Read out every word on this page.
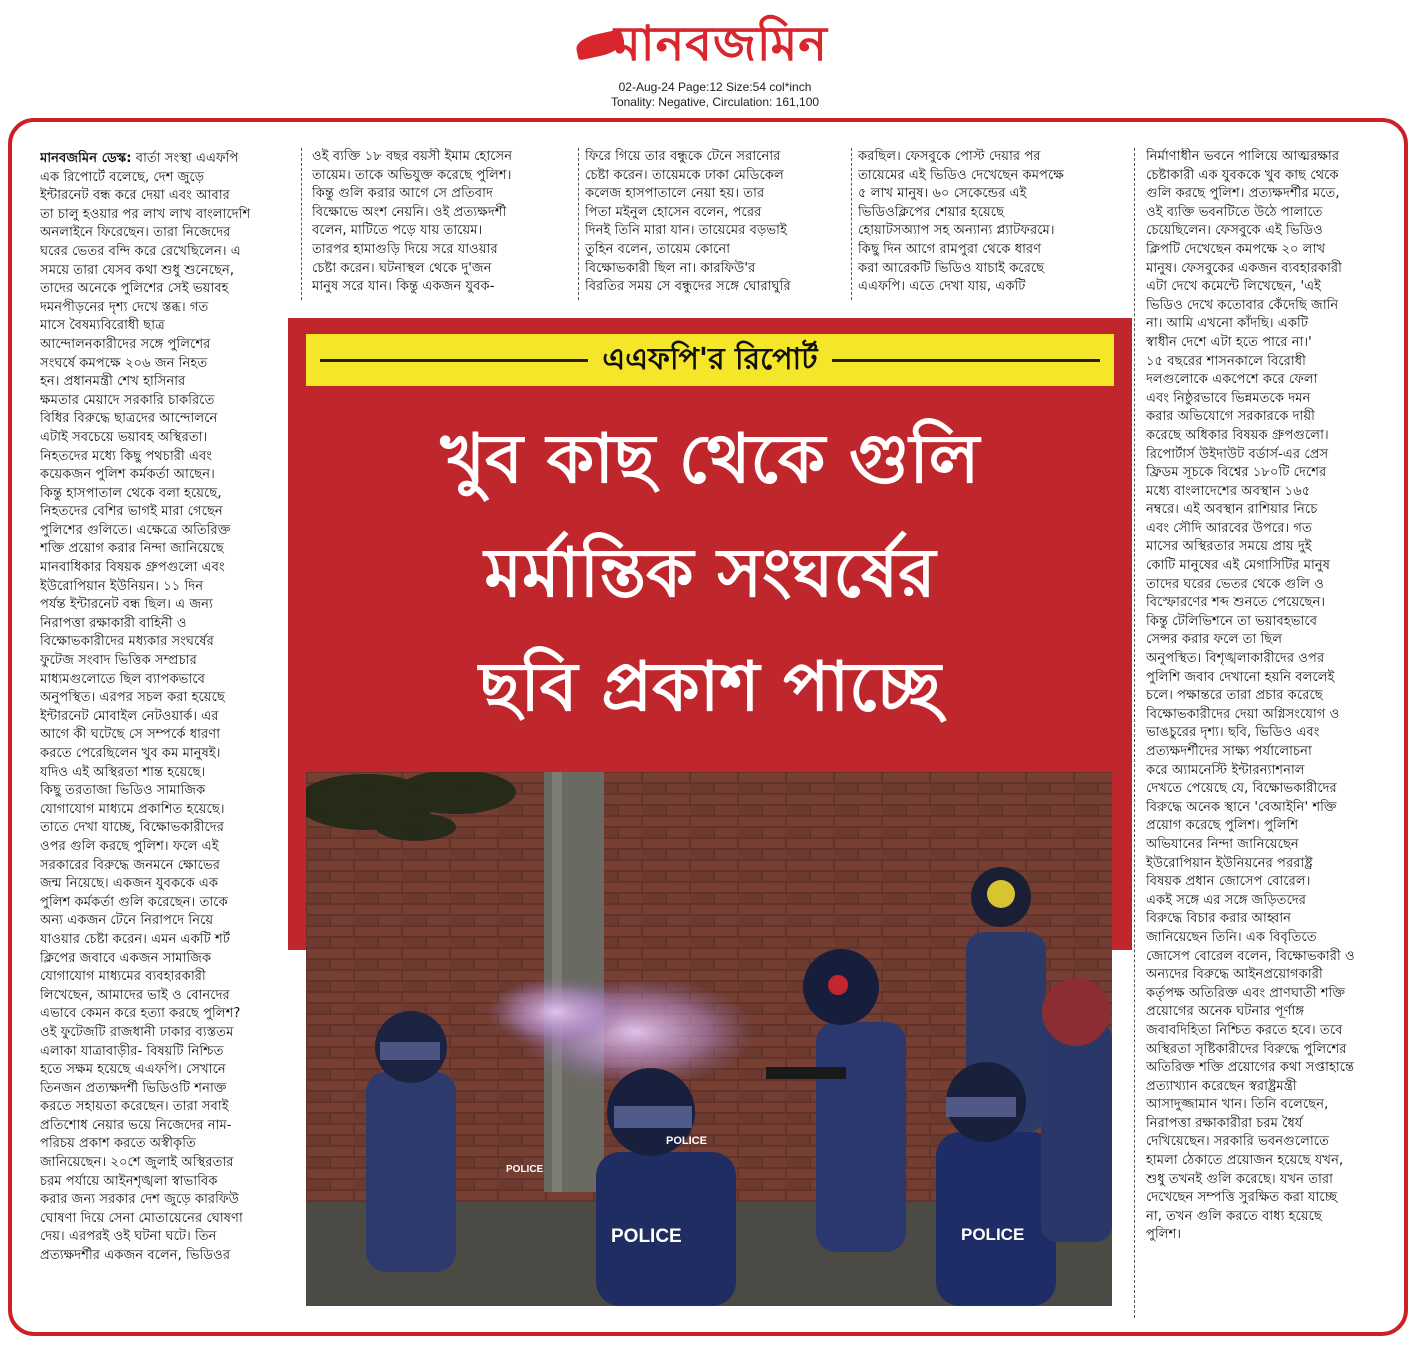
মানবজমিন
02-Aug-24 Page:12 Size:54 col*inch
Tonality: Negative, Circulation: 161,100
মানবজমিন ডেস্ক: বার্তা সংস্থা এএফপি
এক রিপোর্টে বলেছে, দেশ জুড়ে
ইন্টারনেট বন্ধ করে দেয়া এবং আবার
তা চালু হওয়ার পর লাখ লাখ বাংলাদেশি
অনলাইনে ফিরেছেন। তারা নিজেদের
ঘরের ভেতর বন্দি করে রেখেছিলেন। এ
সময়ে তারা যেসব কথা শুধু শুনেছেন,
তাদের অনেকে পুলিশের সেই ভয়াবহ
দমনপীড়নের দৃশ্য দেখে স্তব্ধ। গত
মাসে বৈষম্যবিরোধী ছাত্র
আন্দোলনকারীদের সঙ্গে পুলিশের
সংঘর্ষে কমপক্ষে ২০৬ জন নিহত
হন। প্রধানমন্ত্রী শেখ হাসিনার
ক্ষমতার মেয়াদে সরকারি চাকরিতে
বিধির বিরুদ্ধে ছাত্রদের আন্দোলনে
এটাই সবচেয়ে ভয়াবহ অস্থিরতা।
নিহতদের মধ্যে কিছু পথচারী এবং
কয়েকজন পুলিশ কর্মকর্তা আছেন।
কিন্তু হাসপাতাল থেকে বলা হয়েছে,
নিহতদের বেশির ভাগই মারা গেছেন
পুলিশের গুলিতে। এক্ষেত্রে অতিরিক্ত
শক্তি প্রয়োগ করার নিন্দা জানিয়েছে
মানবাধিকার বিষয়ক গ্রুপগুলো এবং
ইউরোপিয়ান ইউনিয়ন। ১১ দিন
পর্যন্ত ইন্টারনেট বন্ধ ছিল। এ জন্য
নিরাপত্তা রক্ষাকারী বাহিনী ও
বিক্ষোভকারীদের মধ্যকার সংঘর্ষের
ফুটেজ সংবাদ ভিত্তিক সম্প্রচার
মাধ্যমগুলোতে ছিল ব্যাপকভাবে
অনুপস্থিত। এরপর সচল করা হয়েছে
ইন্টারনেট মোবাইল নেটওয়ার্ক। এর
আগে কী ঘটেছে সে সম্পর্কে ধারণা
করতে পেরেছিলেন খুব কম মানুষই।
যদিও এই অস্থিরতা শান্ত হয়েছে।
কিছু তরতাজা ভিডিও সামাজিক
যোগাযোগ মাধ্যমে প্রকাশিত হয়েছে।
তাতে দেখা যাচ্ছে, বিক্ষোভকারীদের
ওপর গুলি করছে পুলিশ। ফলে এই
সরকারের বিরুদ্ধে জনমনে ক্ষোভের
জন্ম নিয়েছে। একজন যুবককে এক
পুলিশ কর্মকর্তা গুলি করেছেন। তাকে
অন্য একজন টেনে নিরাপদে নিয়ে
যাওয়ার চেষ্টা করেন। এমন একটি শর্ট
ক্লিপের জবাবে একজন সামাজিক
যোগাযোগ মাধ্যমের ব্যবহারকারী
লিখেছেন, আমাদের ভাই ও বোনদের
এভাবে কেমন করে হত্যা করছে পুলিশ?
ওই ফুটেজটি রাজধানী ঢাকার ব্যস্ততম
এলাকা যাত্রাবাড়ীর- বিষয়টি নিশ্চিত
হতে সক্ষম হয়েছে এএফপি। সেখানে
তিনজন প্রত্যক্ষদর্শী ভিডিওটি শনাক্ত
করতে সহায়তা করেছেন। তারা সবাই
প্রতিশোধ নেয়ার ভয়ে নিজেদের নাম-
পরিচয় প্রকাশ করতে অস্বীকৃতি
জানিয়েছেন। ২০শে জুলাই অস্থিরতার
চরম পর্যায়ে আইনশৃঙ্খলা স্বাভাবিক
করার জন্য সরকার দেশ জুড়ে কারফিউ
ঘোষণা দিয়ে সেনা মোতায়েনের ঘোষণা
দেয়। এরপরই ওই ঘটনা ঘটে। তিন
প্রত্যক্ষদর্শীর একজন বলেন, ভিডিওর
ওই ব্যক্তি ১৮ বছর বয়সী ইমাম হোসেন
তায়েম। তাকে অভিযুক্ত করেছে পুলিশ।
কিন্তু গুলি করার আগে সে প্রতিবাদ
বিক্ষোভে অংশ নেয়নি। ওই প্রত্যক্ষদর্শী
বলেন, মাটিতে পড়ে যায় তায়েম।
তারপর হামাগুড়ি দিয়ে সরে যাওয়ার
চেষ্টা করেন। ঘটনাস্থল থেকে দু'জন
মানুষ সরে যান। কিন্তু একজন যুবক-
ফিরে গিয়ে তার বন্ধুকে টেনে সরানোর
চেষ্টা করেন। তায়েমকে ঢাকা মেডিকেল
কলেজ হাসপাতালে নেয়া হয়। তার
পিতা মইনুল হোসেন বলেন, পরের
দিনই তিনি মারা যান। তায়েমের বড়ভাই
তুহিন বলেন, তায়েম কোনো
বিক্ষোভকারী ছিল না। কারফিউ'র
বিরতির সময় সে বন্ধুদের সঙ্গে ঘোরাঘুরি
করছিল। ফেসবুকে পোস্ট দেয়ার পর
তায়েমের এই ভিডিও দেখেছেন কমপক্ষে
৫ লাখ মানুষ। ৬০ সেকেন্ডের এই
ভিডিওক্লিপের শেয়ার হয়েছে
হোয়াটসঅ্যাপ সহ অন্যান্য প্ল্যাটফরমে।
কিছু দিন আগে রামপুরা থেকে ধারণ
করা আরেকটি ভিডিও যাচাই করেছে
এএফপি। এতে দেখা যায়, একটি
নির্মাণাধীন ভবনে পালিয়ে আত্মরক্ষার
চেষ্টাকারী এক যুবককে খুব কাছ থেকে
গুলি করছে পুলিশ। প্রত্যক্ষদর্শীর মতে,
ওই ব্যক্তি ভবনটিতে উঠে পালাতে
চেয়েছিলেন। ফেসবুকে এই ভিডিও
ক্লিপটি দেখেছেন কমপক্ষে ২০ লাখ
মানুষ। ফেসবুকের একজন ব্যবহারকারী
এটা দেখে কমেন্টে লিখেছেন, 'এই
ভিডিও দেখে কতোবার কেঁদেছি জানি
না। আমি এখনো কাঁদছি। একটি
স্বাধীন দেশে এটা হতে পারে না।'
১৫ বছরের শাসনকালে বিরোধী
দলগুলোকে একপেশে করে ফেলা
এবং নিষ্ঠুরভাবে ভিন্নমতকে দমন
করার অভিযোগে সরকারকে দায়ী
করেছে অধিকার বিষয়ক গ্রুপগুলো।
রিপোর্টার্স উইদাউট বর্ডার্স-এর প্রেস
ফ্রিডম সূচকে বিশ্বের ১৮০টি দেশের
মধ্যে বাংলাদেশের অবস্থান ১৬৫
নম্বরে। এই অবস্থান রাশিয়ার নিচে
এবং সৌদি আরবের উপরে। গত
মাসের অস্থিরতার সময়ে প্রায় দুই
কোটি মানুষের এই মেগাসিটির মানুষ
তাদের ঘরের ভেতর থেকে গুলি ও
বিস্ফোরণের শব্দ শুনতে পেয়েছেন।
কিন্তু টেলিভিশনে তা ভয়াবহভাবে
সেন্সর করার ফলে তা ছিল
অনুপস্থিত। বিশৃঙ্খলাকারীদের ওপর
পুলিশি জবাব দেখানো হয়নি বললেই
চলে। পক্ষান্তরে তারা প্রচার করেছে
বিক্ষোভকারীদের দেয়া অগ্নিসংযোগ ও
ভাঙচুরের দৃশ্য। ছবি, ভিডিও এবং
প্রত্যক্ষদর্শীদের সাক্ষ্য পর্যালোচনা
করে অ্যামনেস্টি ইন্টারন্যাশনাল
দেখতে পেয়েছে যে, বিক্ষোভকারীদের
বিরুদ্ধে অনেক স্থানে 'বেআইনি' শক্তি
প্রয়োগ করেছে পুলিশ। পুলিশি
অভিযানের নিন্দা জানিয়েছেন
ইউরোপিয়ান ইউনিয়নের পররাষ্ট্র
বিষয়ক প্রধান জোসেপ বোরেল।
একই সঙ্গে এর সঙ্গে জড়িতদের
বিরুদ্ধে বিচার করার আহ্বান
জানিয়েছেন তিনি। এক বিবৃতিতে
জোসেপ বোরেল বলেন, বিক্ষোভকারী ও
অন্যদের বিরুদ্ধে আইনপ্রয়োগকারী
কর্তৃপক্ষ অতিরিক্ত এবং প্রাণঘাতী শক্তি
প্রয়োগের অনেক ঘটনার পূর্ণাঙ্গ
জবাবদিহিতা নিশ্চিত করতে হবে। তবে
অস্থিরতা সৃষ্টিকারীদের বিরুদ্ধে পুলিশের
অতিরিক্ত শক্তি প্রয়োগের কথা সপ্তাহান্তে
প্রত্যাখ্যান করেছেন স্বরাষ্ট্রমন্ত্রী
আসাদুজ্জামান খান। তিনি বলেছেন,
নিরাপত্তা রক্ষাকারীরা চরম ধৈর্য
দেখিয়েছেন। সরকারি ভবনগুলোতে
হামলা ঠেকাতে প্রয়োজন হয়েছে যখন,
শুধু তখনই গুলি করেছে। যখন তারা
দেখেছেন সম্পত্তি সুরক্ষিত করা যাচ্ছে
না, তখন গুলি করতে বাধ্য হয়েছে
পুলিশ।
এএফপি'র রিপোর্ট
খুব কাছ থেকে গুলি
মর্মান্তিক সংঘর্ষের
ছবি প্রকাশ পাচ্ছে
POLICE
POLICE	POLICE
POLICE
